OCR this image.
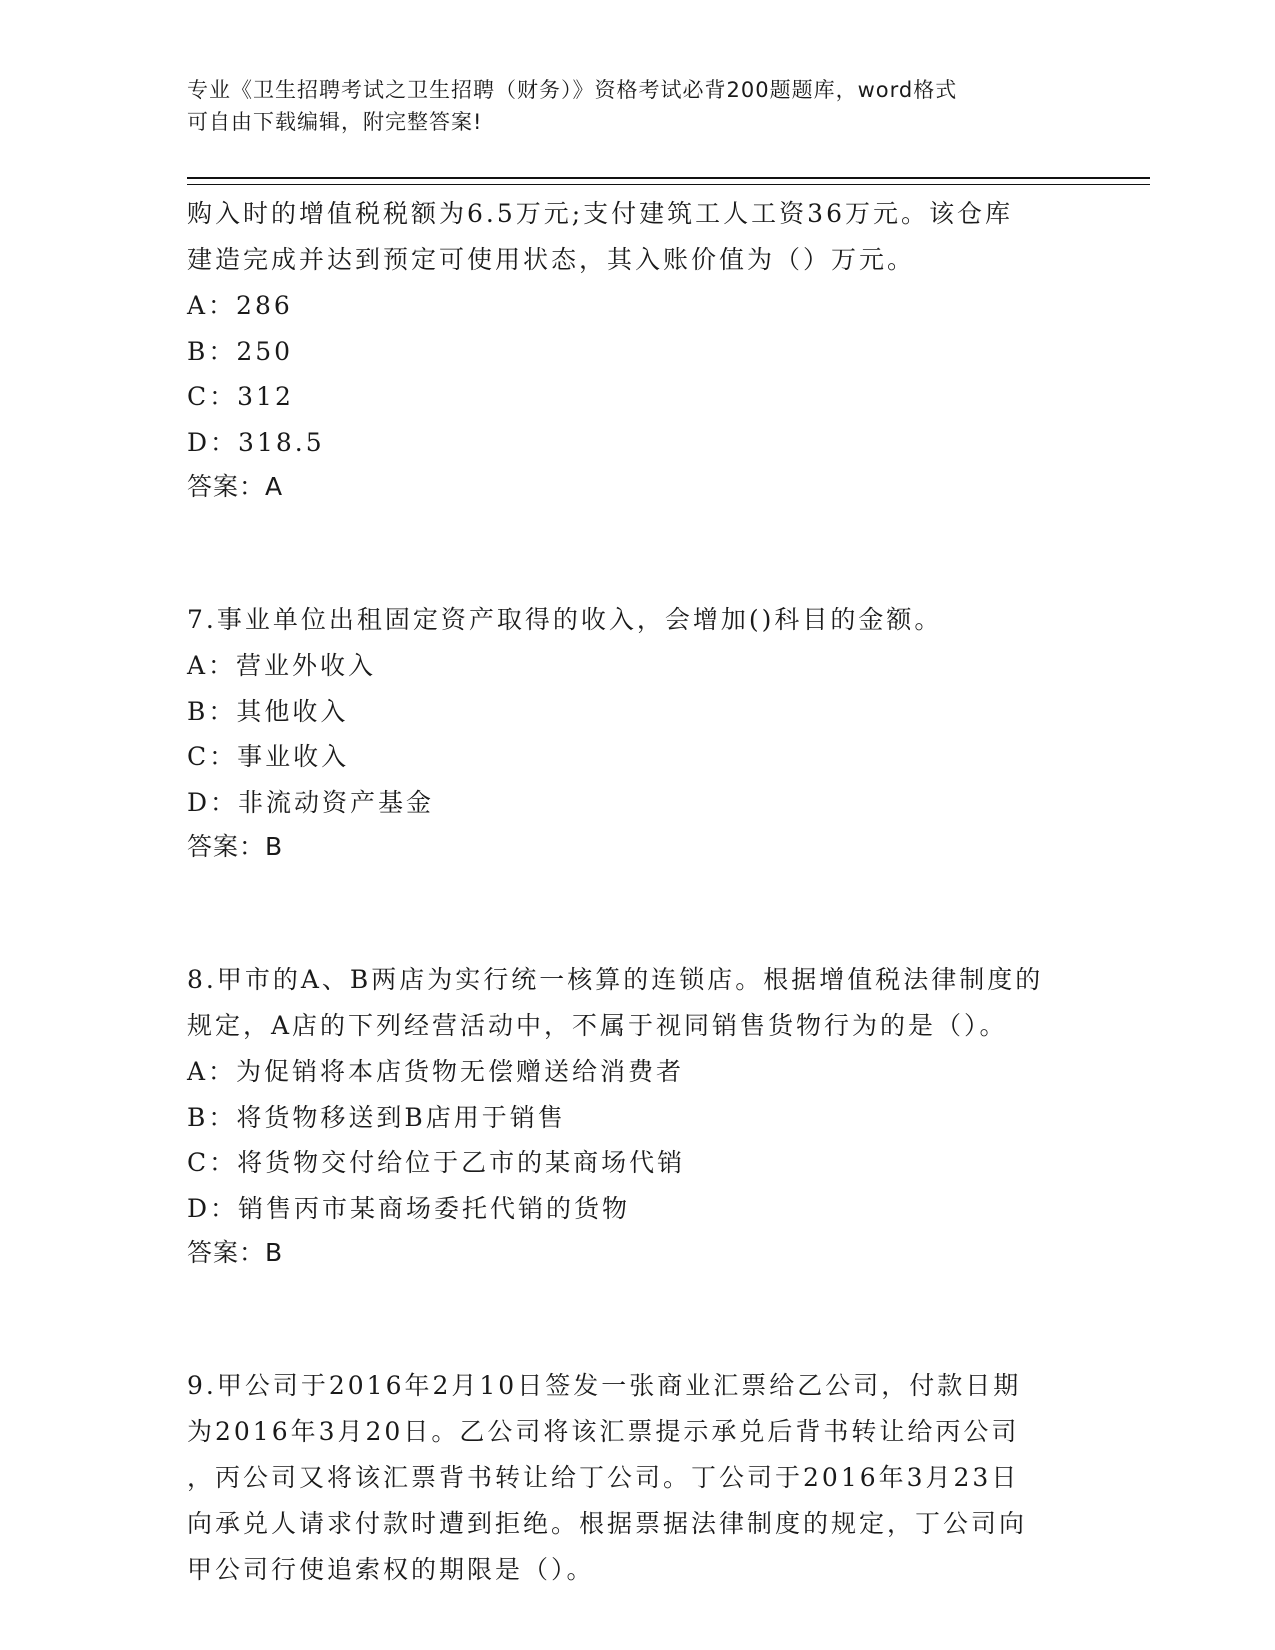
专业《卫生招聘考试之卫生招聘（财务）》资格考试必背200题题库，word格式
可自由下载编辑，附完整答案!
购入时的增值税税额为6.5万元;支付建筑工人工资36万元。该仓库
建造完成并达到预定可使用状态，其入账价值为（）万元。
A：286
B：250
C：312
D：318.5
答案：A
7.事业单位出租固定资产取得的收入，会增加()科目的金额。
A：营业外收入
B：其他收入
C：事业收入
D：非流动资产基金
答案：B
8.甲市的A、B两店为实行统一核算的连锁店。根据增值税法律制度的
规定，A店的下列经营活动中，不属于视同销售货物行为的是（）。
A：为促销将本店货物无偿赠送给消费者
B：将货物移送到B店用于销售
C：将货物交付给位于乙市的某商场代销
D：销售丙市某商场委托代销的货物
答案：B
9.甲公司于2016年2月10日签发一张商业汇票给乙公司，付款日期
为2016年3月20日。乙公司将该汇票提示承兑后背书转让给丙公司
，丙公司又将该汇票背书转让给丁公司。丁公司于2016年3月23日
向承兑人请求付款时遭到拒绝。根据票据法律制度的规定，丁公司向
甲公司行使追索权的期限是（）。
